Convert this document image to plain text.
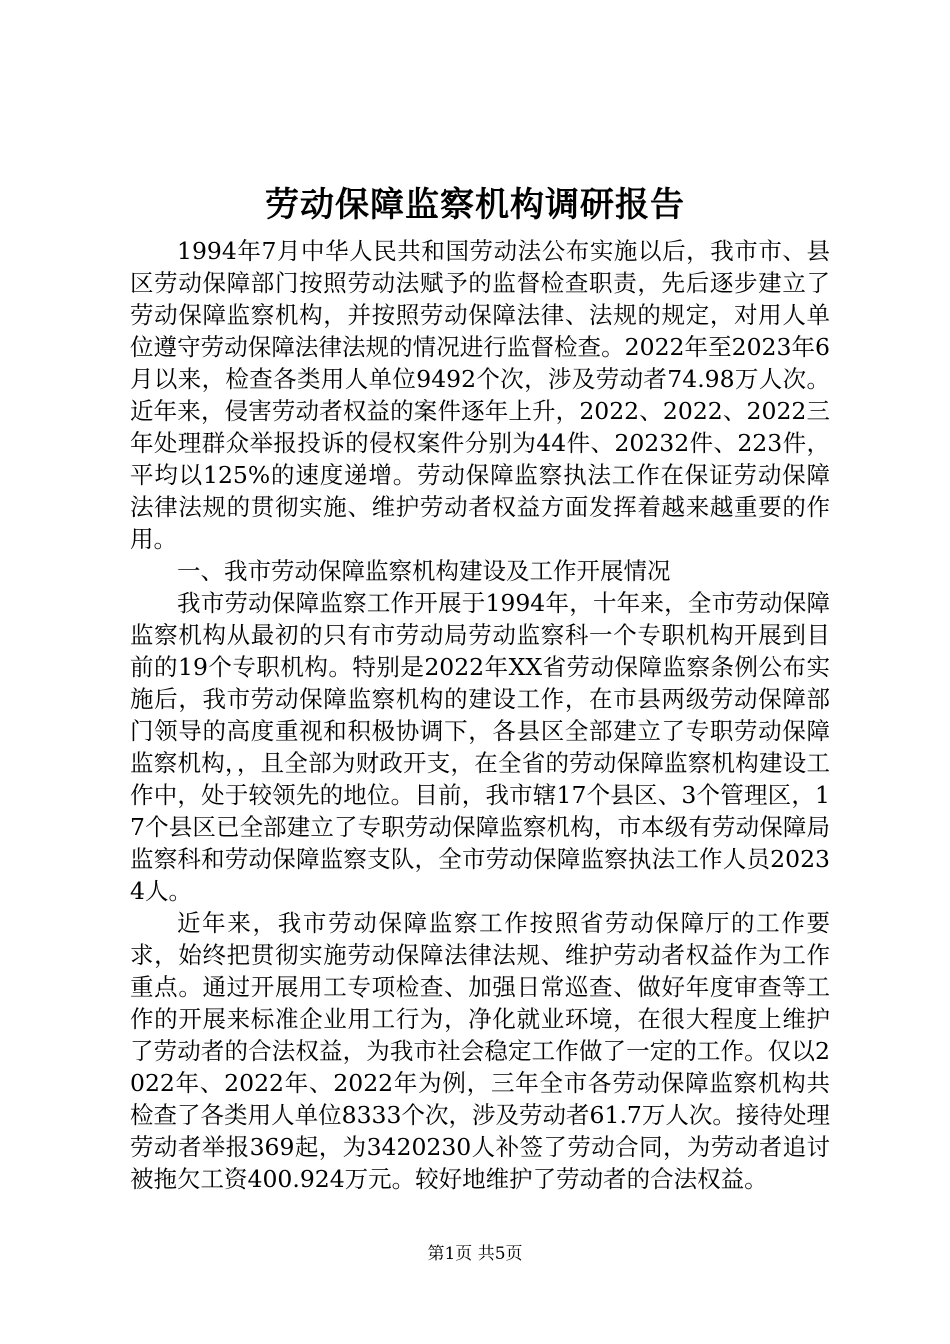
劳动保障监察机构调研报告

1994年7月中华人民共和国劳动法公布实施以后，我市市、县区劳动保障部门按照劳动法赋予的监督检查职责，先后逐步建立了劳动保障监察机构，并按照劳动保障法律、法规的规定，对用人单位遵守劳动保障法律法规的情况进行监督检查。2022年至2023年6月以来，检查各类用人单位9492个次，涉及劳动者74.98万人次。近年来，侵害劳动者权益的案件逐年上升，2022、2022、2022三年处理群众举报投诉的侵权案件分别为44件、20232件、223件，平均以125%的速度递增。劳动保障监察执法工作在保证劳动保障法律法规的贯彻实施、维护劳动者权益方面发挥着越来越重要的作用。

一、我市劳动保障监察机构建设及工作开展情况

我市劳动保障监察工作开展于1994年，十年来，全市劳动保障监察机构从最初的只有市劳动局劳动监察科一个专职机构开展到目前的19个专职机构。特别是2022年XX省劳动保障监察条例公布实施后，我市劳动保障监察机构的建设工作，在市县两级劳动保障部门领导的高度重视和积极协调下，各县区全部建立了专职劳动保障监察机构，，且全部为财政开支，在全省的劳动保障监察机构建设工作中，处于较领先的地位。目前，我市辖17个县区、3个管理区，17个县区已全部建立了专职劳动保障监察机构，市本级有劳动保障局监察科和劳动保障监察支队，全市劳动保障监察执法工作人员20234人。

近年来，我市劳动保障监察工作按照省劳动保障厅的工作要求，始终把贯彻实施劳动保障法律法规、维护劳动者权益作为工作重点。通过开展用工专项检查、加强日常巡查、做好年度审查等工作的开展来标准企业用工行为，净化就业环境，在很大程度上维护了劳动者的合法权益，为我市社会稳定工作做了一定的工作。仅以2022年、2022年、2022年为例，三年全市各劳动保障监察机构共检查了各类用人单位8333个次，涉及劳动者61.7万人次。接待处理劳动者举报369起，为3420230人补签了劳动合同，为劳动者追讨被拖欠工资400.924万元。较好地维护了劳动者的合法权益。

第1页 共5页
